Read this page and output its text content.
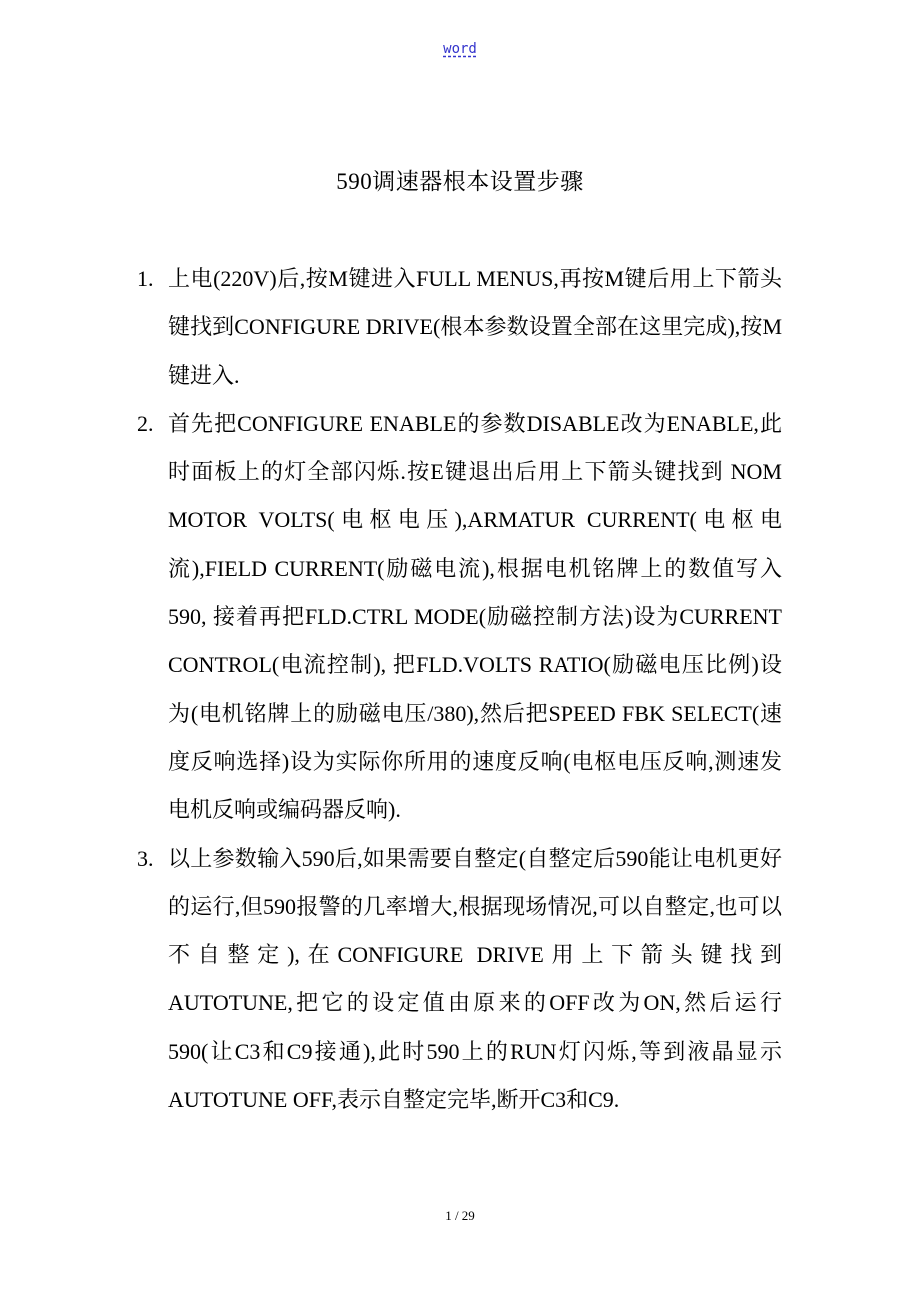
word
590调速器根本设置步骤
1. 上电(220V)后,按M键进入FULL MENUS,再按M键后用上下箭头键找到CONFIGURE DRIVE(根本参数设置全部在这里完成),按M键进入.
2. 首先把CONFIGURE ENABLE的参数DISABLE改为ENABLE,此时面板上的灯全部闪烁.按E键退出后用上下箭头键找到 NOM MOTOR VOLTS(电枢电压),ARMATUR CURRENT(电枢电流),FIELD CURRENT(励磁电流),根据电机铭牌上的数值写入590, 接着再把FLD.CTRL MODE(励磁控制方法)设为CURRENT CONTROL(电流控制), 把FLD.VOLTS RATIO(励磁电压比例)设为(电机铭牌上的励磁电压/380),然后把SPEED FBK SELECT(速度反响选择)设为实际你所用的速度反响(电枢电压反响,测速发电机反响或编码器反响).
3. 以上参数输入590后,如果需要自整定(自整定后590能让电机更好的运行,但590报警的几率增大,根据现场情况,可以自整定,也可以不自整定),在CONFIGURE DRIVE用上下箭头键找到AUTOTUNE,把它的设定值由原来的OFF改为ON,然后运行590(让C3和C9接通),此时590上的RUN灯闪烁,等到液晶显示AUTOTUNE OFF,表示自整定完毕,断开C3和C9.
1 / 29
